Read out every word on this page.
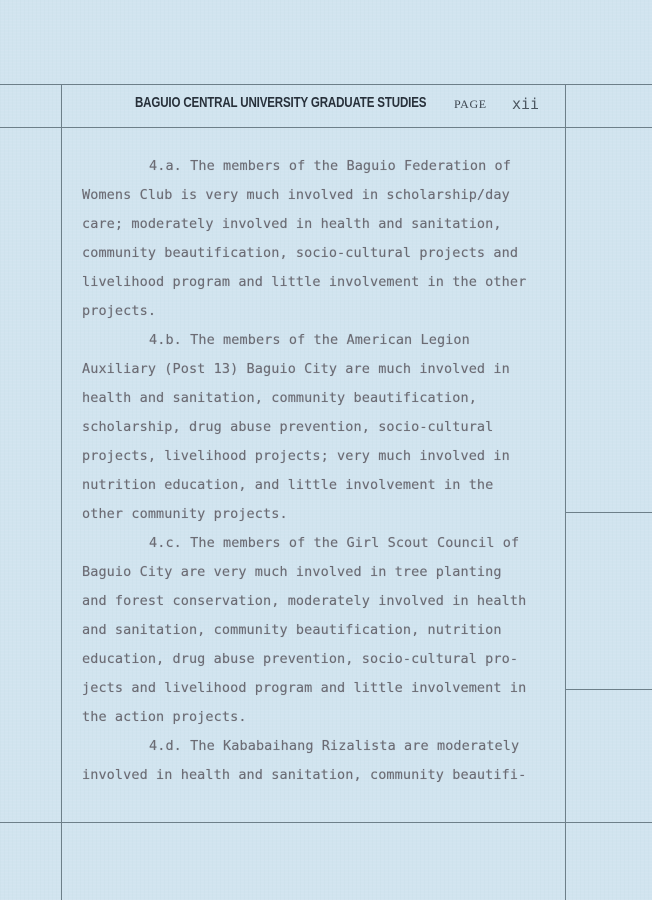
BAGUIO CENTRAL UNIVERSITY GRADUATE STUDIES PAGE xii
4.a. The members of the Baguio Federation of
Womens Club is very much involved in scholarship/day
care; moderately involved in health and sanitation,
community beautification, socio-cultural projects and
livelihood program and little involvement in the other
projects.
4.b. The members of the American Legion
Auxiliary (Post 13) Baguio City are much involved in
health and sanitation, community beautification,
scholarship, drug abuse prevention, socio-cultural
projects, livelihood projects; very much involved in
nutrition education, and little involvement in the
other community projects.
4.c. The members of the Girl Scout Council of
Baguio City are very much involved in tree planting
and forest conservation, moderately involved in health
and sanitation, community beautification, nutrition
education, drug abuse prevention, socio-cultural pro-
jects and livelihood program and little involvement in
the action projects.
4.d. The Kababaihang Rizalista are moderately
involved in health and sanitation, community beautifi-
